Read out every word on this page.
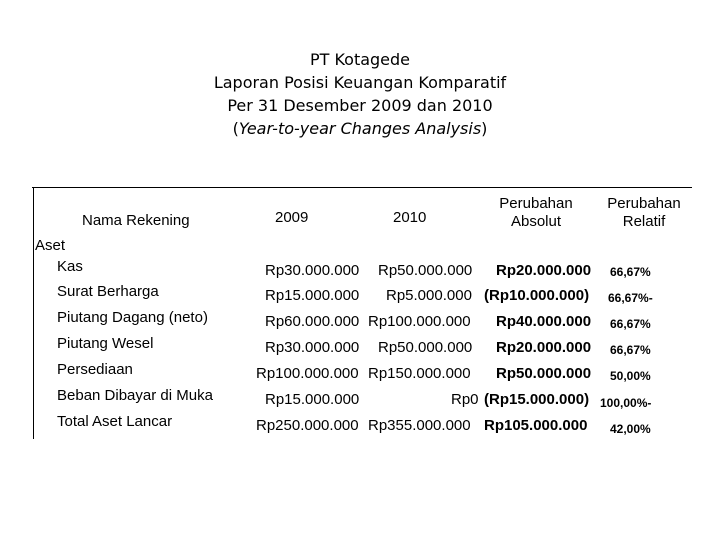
PT Kotagede
Laporan Posisi Keuangan Komparatif
Per 31 Desember 2009 dan 2010
(Year-to-year Changes Analysis)
Nama Rekening	2009	2010
Perubahan
Absolut
Perubahan
Relatif
Aset
Kas	Rp30.000.000 Rp50.000.000 Rp20.000.000 66,67%
Surat Berharga	Rp15.000.000 Rp5.000.000 (Rp10.000.000) 66,67%-
Piutang Dagang (neto)	Rp60.000.000 Rp100.000.000 Rp40.000.000 66,67%
Piutang Wesel	Rp30.000.000 Rp50.000.000 Rp20.000.000 66,67%
Persediaan	Rp100.000.000 Rp150.000.000 Rp50.000.000 50,00%
Beban Dibayar di Muka	Rp15.000.000	Rp0 (Rp15.000.000) 100,00%-
Total Aset Lancar	Rp250.000.000 Rp355.000.000 Rp105.000.000 42,00%
